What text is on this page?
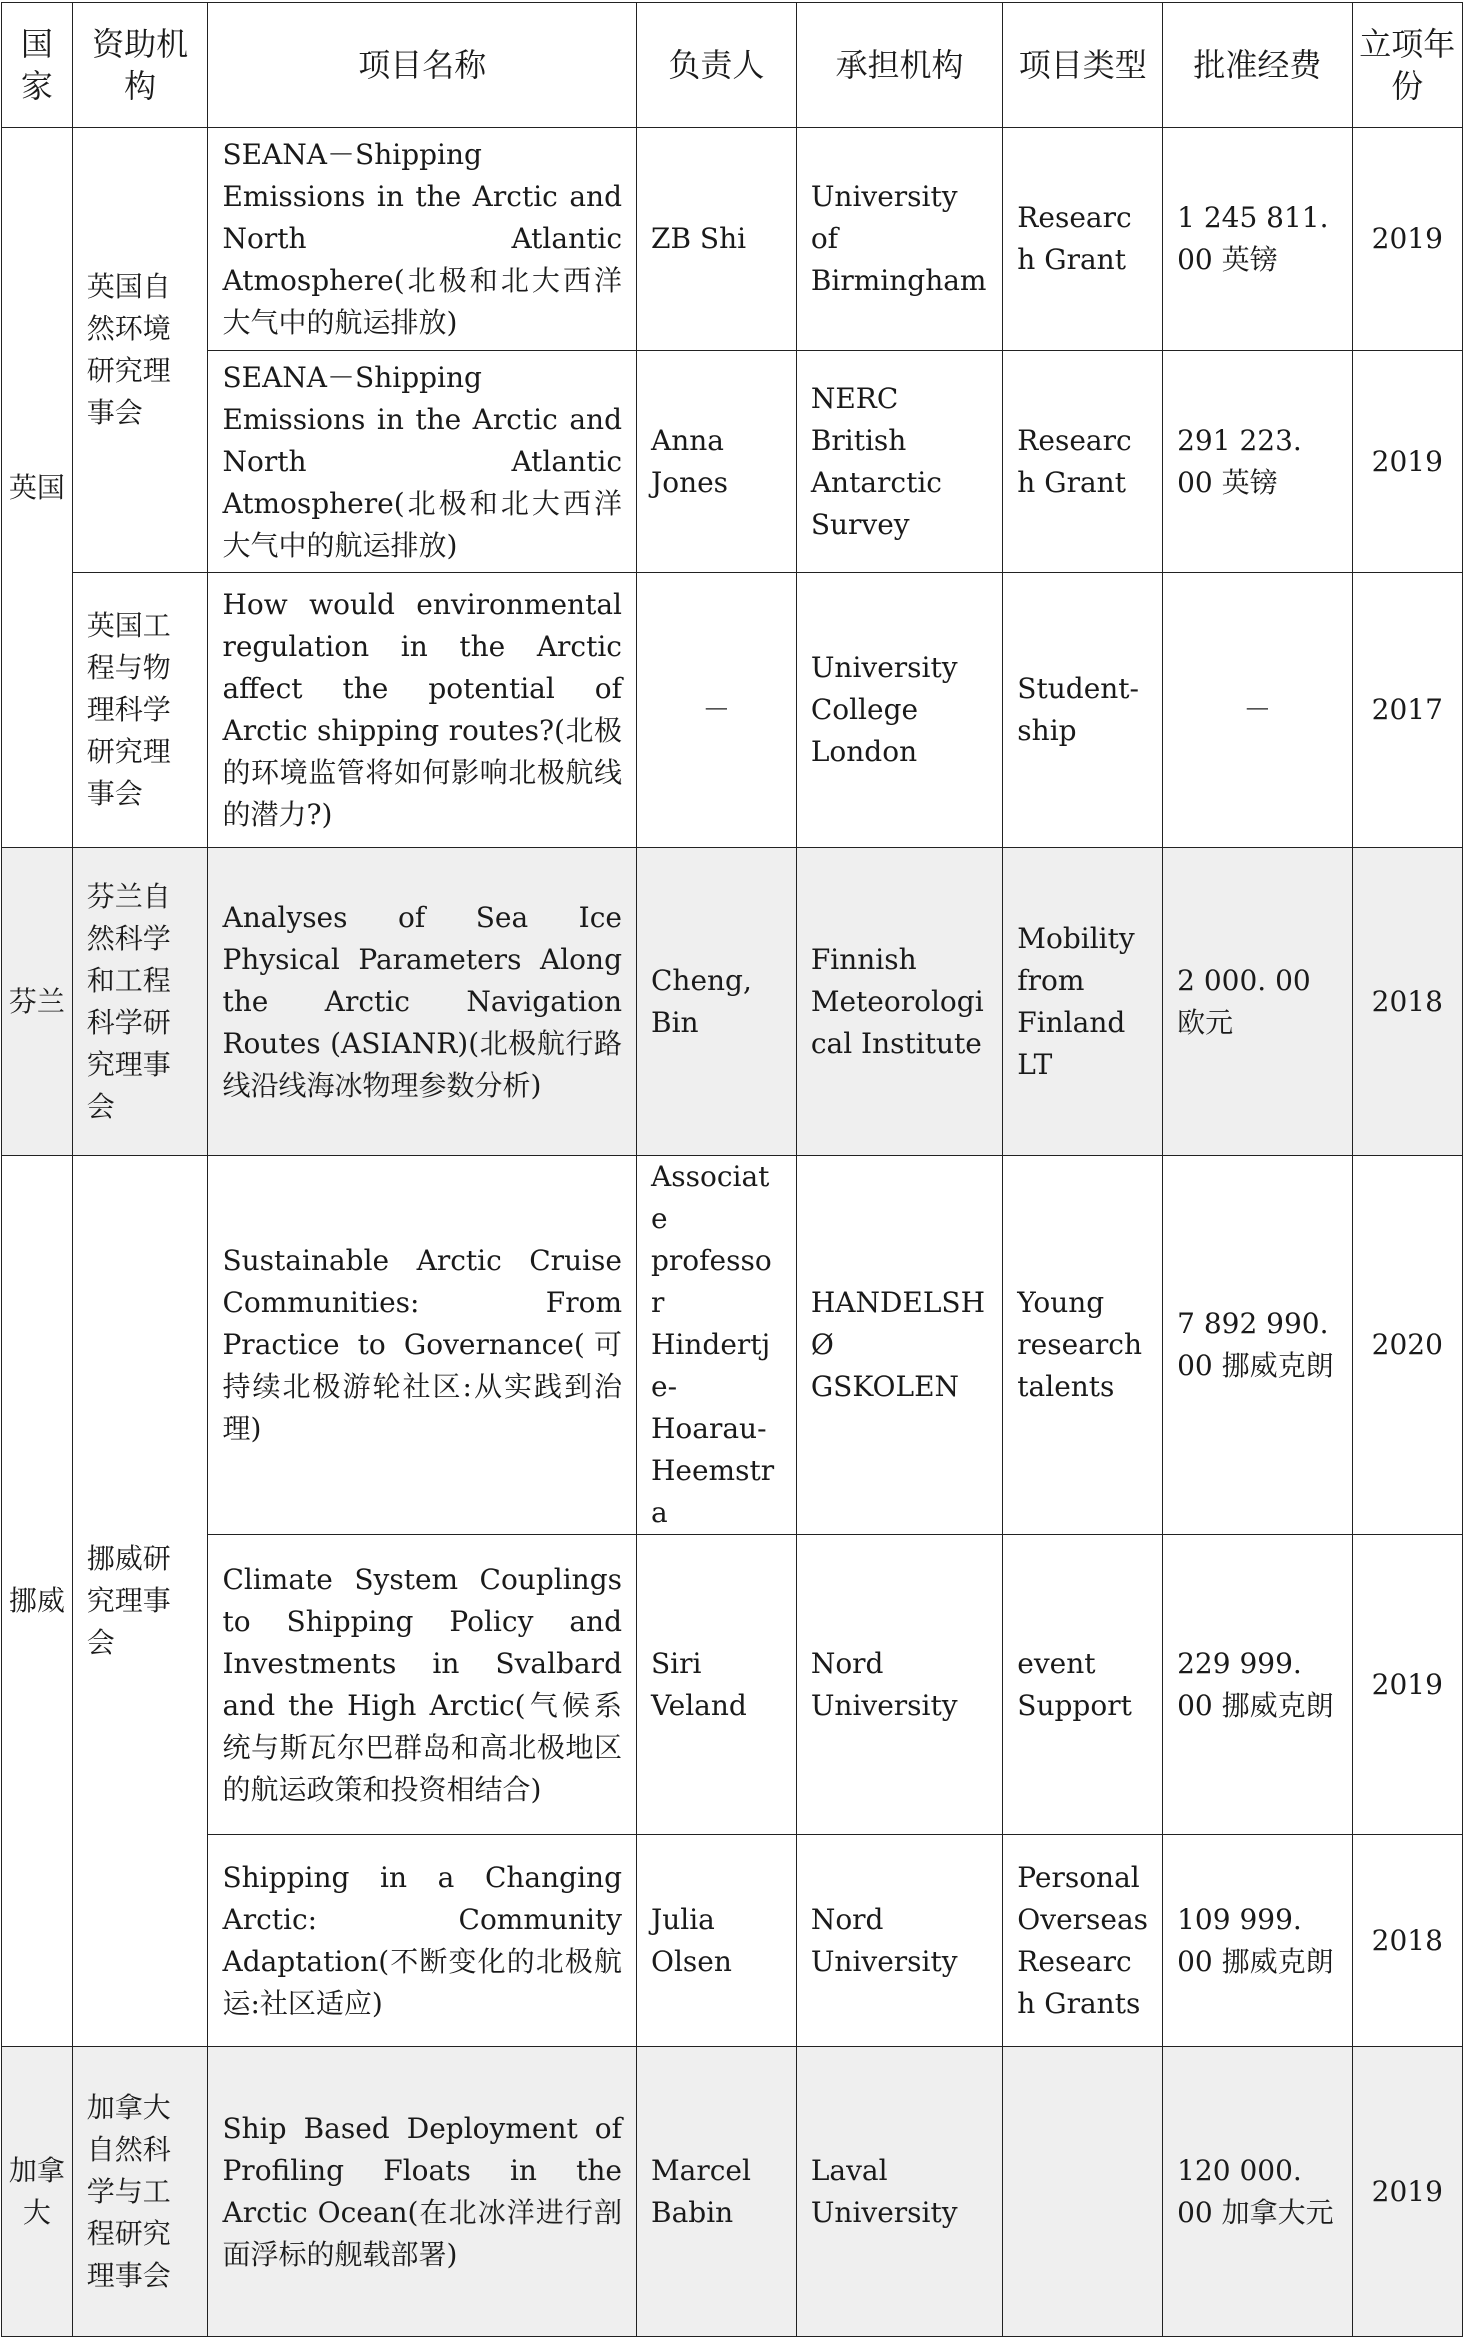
国家	资助机构	项目名称	负责人	承担机构	项目类型	批准经费	立项年份
英国	英国自然环境研究理事会	SEANA－Shipping Emissions in the Arctic and North Atlantic Atmosphere(北极和北大西洋大气中的航运排放)	ZB Shi	University of Birmingham	Research Grant	1 245 811. 00 英镑	2019
		SEANA－Shipping Emissions in the Arctic and North Atlantic Atmosphere(北极和北大西洋大气中的航运排放)	Anna Jones	NERC British Antarctic Survey	Research Grant	291 223. 00 英镑	2019
	英国工程与物理科学研究理事会	How would environmental regulation in the Arctic affect the potential of Arctic shipping routes?(北极的环境监管将如何影响北极航线的潜力?)	－	University College London	Student-ship	－	2017
芬兰	芬兰自然科学和工程科学研究理事会	Analyses of Sea Ice Physical Parameters Along the Arctic Navigation Routes (ASIANR)(北极航行路线沿线海冰物理参数分析)	Cheng, Bin	Finnish Meteorological Institute	Mobility from Finland LT	2 000. 00 欧元	2018
挪威	挪威研究理事会	Sustainable Arctic Cruise Communities: From Practice to Governance(可持续北极游轮社区:从实践到治理)	Associate professor Hindertje-Hoarau-Heemstra	HANDELSHØ GSKOLEN	Young research talents	7 892 990. 00 挪威克朗	2020
		Climate System Couplings to Shipping Policy and Investments in Svalbard and the High Arctic(气候系统与斯瓦尔巴群岛和高北极地区的航运政策和投资相结合)	Siri Veland	Nord University	event Support	229 999. 00 挪威克朗	2019
		Shipping in a Changing Arctic: Community Adaptation(不断变化的北极航运:社区适应)	Julia Olsen	Nord University	Personal Overseas Research Grants	109 999. 00 挪威克朗	2018
加拿大	加拿大自然科学与工程研究理事会	Ship Based Deployment of Profiling Floats in the Arctic Ocean(在北冰洋进行剖面浮标的舰载部署)	Marcel Babin	Laval University		120 000. 00 加拿大元	2019
